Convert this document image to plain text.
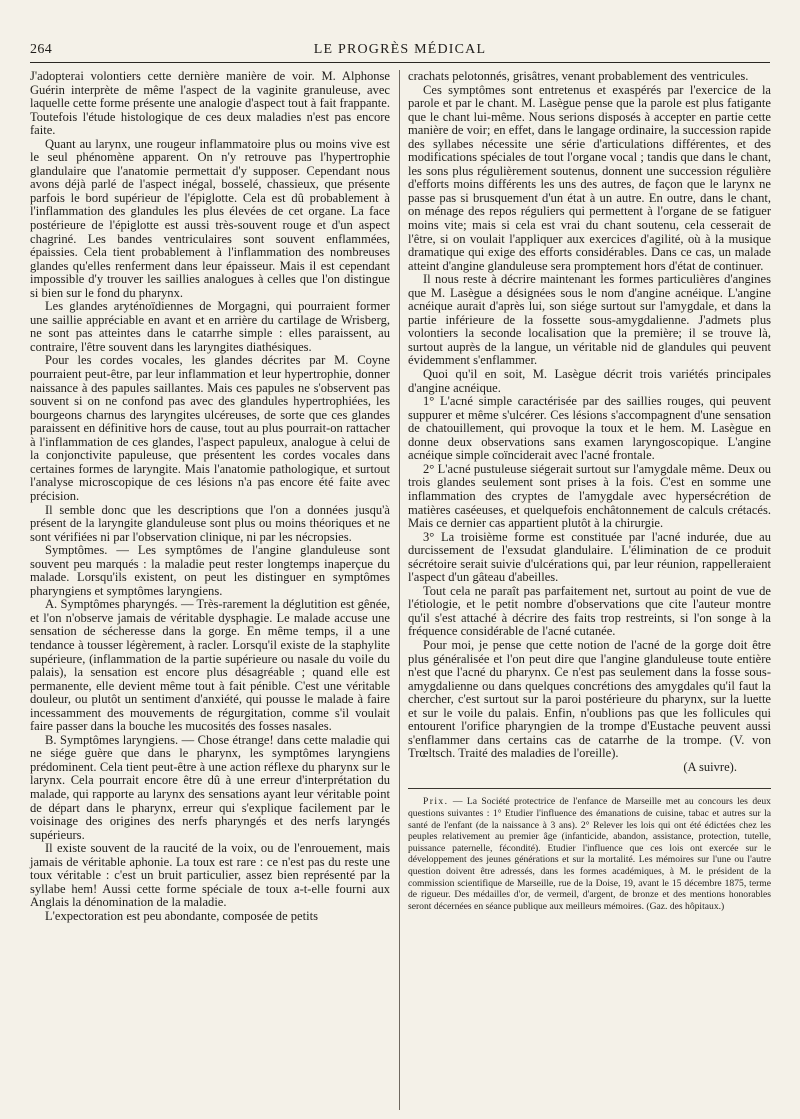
264	LE PROGRÈS MÉDICAL

J'adopterai volontiers cette dernière manière de voir. M. Alphonse Guérin interprète de même l'aspect de la vaginite granuleuse, avec laquelle cette forme présente une analogie d'aspect tout à fait frappante. Toutefois l'étude histologique de ces deux maladies n'est pas encore faite.

Quant au larynx, une rougeur inflammatoire plus ou moins vive est le seul phénomène apparent. On n'y retrouve pas l'hypertrophie glandulaire que l'anatomie permettait d'y supposer. Cependant nous avons déjà parlé de l'aspect inégal, bosselé, chassieux, que présente parfois le bord supérieur de l'épiglotte. Cela est dû probablement à l'inflammation des glandules les plus élevées de cet organe. La face postérieure de l'épiglotte est aussi très-souvent rouge et d'un aspect chagriné. Les bandes ventriculaires sont souvent enflammées, épaissies. Cela tient probablement à l'inflammation des nombreuses glandes qu'elles renferment dans leur épaisseur. Mais il est cependant impossible d'y trouver les saillies analogues à celles que l'on distingue si bien sur le fond du pharynx.

Les glandes aryténoïdiennes de Morgagni, qui pourraient former une saillie appréciable en avant et en arrière du cartilage de Wrisberg, ne sont pas atteintes dans le catarrhe simple : elles paraissent, au contraire, l'être souvent dans les laryngites diathésiques.

Pour les cordes vocales, les glandes décrites par M. Coyne pourraient peut-être, par leur inflammation et leur hypertrophie, donner naissance à des papules saillantes. Mais ces papules ne s'observent pas souvent si on ne confond pas avec des glandules hypertrophiées, les bourgeons charnus des laryngites ulcéreuses, de sorte que ces glandes paraissent en définitive hors de cause, tout au plus pourrait-on rattacher à l'inflammation de ces glandes, l'aspect papuleux, analogue à celui de la conjonctivite papuleuse, que présentent les cordes vocales dans certaines formes de laryngite. Mais l'anatomie pathologique, et surtout l'analyse microscopique de ces lésions n'a pas encore été faite avec précision.

Il semble donc que les descriptions que l'on a données jusqu'à présent de la laryngite glanduleuse sont plus ou moins théoriques et ne sont vérifiées ni par l'observation clinique, ni par les nécropsies.

Symptômes. — Les symptômes de l'angine glanduleuse sont souvent peu marqués : la maladie peut rester longtemps inaperçue du malade. Lorsqu'ils existent, on peut les distinguer en symptômes pharyngiens et symptômes laryngiens.

A. Symptômes pharyngés. — Très-rarement la déglutition est gênée, et l'on n'observe jamais de véritable dysphagie. Le malade accuse une sensation de sécheresse dans la gorge. En même temps, il a une tendance à tousser légèrement, à racler. Lorsqu'il existe de la staphylite supérieure, (inflammation de la partie supérieure ou nasale du voile du palais), la sensation est encore plus désagréable ; quand elle est permanente, elle devient même tout à fait pénible. C'est une véritable douleur, ou plutôt un sentiment d'anxiété, qui pousse le malade à faire incessamment des mouvements de régurgitation, comme s'il voulait faire passer dans la bouche les mucosités des fosses nasales.

B. Symptômes laryngiens. — Chose étrange! dans cette maladie qui ne siége guère que dans le pharynx, les symptômes laryngiens prédominent. Cela tient peut-être à une action réflexe du pharynx sur le larynx. Cela pourrait encore être dû à une erreur d'interprétation du malade, qui rapporte au larynx des sensations ayant leur véritable point de départ dans le pharynx, erreur qui s'explique facilement par le voisinage des origines des nerfs pharyngés et des nerfs laryngés supérieurs.

Il existe souvent de la raucité de la voix, ou de l'enrouement, mais jamais de véritable aphonie. La toux est rare : ce n'est pas du reste une toux véritable : c'est un bruit particulier, assez bien représenté par la syllabe hem! Aussi cette forme spéciale de toux a-t-elle fourni aux Anglais la dénomination de la maladie.

L'expectoration est peu abondante, composée de petits

crachats pelotonnés, grisâtres, venant probablement des ventricules.

Ces symptômes sont entretenus et exaspérés par l'exercice de la parole et par le chant. M. Lasègue pense que la parole est plus fatigante que le chant lui-même. Nous serions disposés à accepter en partie cette manière de voir; en effet, dans le langage ordinaire, la succession rapide des syllabes nécessite une série d'articulations différentes, et des modifications spéciales de tout l'organe vocal ; tandis que dans le chant, les sons plus régulièrement soutenus, donnent une succession régulière d'efforts moins différents les uns des autres, de façon que le larynx ne passe pas si brusquement d'un état à un autre. En outre, dans le chant, on ménage des repos réguliers qui permettent à l'organe de se fatiguer moins vite; mais si cela est vrai du chant soutenu, cela cesserait de l'être, si on voulait l'appliquer aux exercices d'agilité, où à la musique dramatique qui exige des efforts considérables. Dans ce cas, un malade atteint d'angine glanduleuse sera promptement hors d'état de continuer.

Il nous reste à décrire maintenant les formes particulières d'angines que M. Lasègue a désignées sous le nom d'angine acnéique. L'angine acnéique aurait d'après lui, son siége surtout sur l'amygdale, et dans la partie inférieure de la fossette sous-amygdalienne. J'admets plus volontiers la seconde localisation que la première; il se trouve là, surtout auprès de la langue, un véritable nid de glandules qui peuvent évidemment s'enflammer.

Quoi qu'il en soit, M. Lasègue décrit trois variétés principales d'angine acnéique.

1° L'acné simple caractérisée par des saillies rouges, qui peuvent suppurer et même s'ulcérer. Ces lésions s'accompagnent d'une sensation de chatouillement, qui provoque la toux et le hem. M. Lasègue en donne deux observations sans examen laryngoscopique. L'angine acnéique simple coïnciderait avec l'acné frontale.

2° L'acné pustuleuse siégerait surtout sur l'amygdale même. Deux ou trois glandes seulement sont prises à la fois. C'est en somme une inflammation des cryptes de l'amygdale avec hypersécrétion de matières caséeuses, et quelquefois enchâtonnement de calculs crétacés. Mais ce dernier cas appartient plutôt à la chirurgie.

3° La troisième forme est constituée par l'acné indurée, due au durcissement de l'exsudat glandulaire. L'élimination de ce produit sécrétoire serait suivie d'ulcérations qui, par leur réunion, rappelleraient l'aspect d'un gâteau d'abeilles.

Tout cela ne paraît pas parfaitement net, surtout au point de vue de l'étiologie, et le petit nombre d'observations que cite l'auteur montre qu'il s'est attaché à décrire des faits trop restreints, si l'on songe à la fréquence considérable de l'acné cutanée.

Pour moi, je pense que cette notion de l'acné de la gorge doit être plus généralisée et l'on peut dire que l'angine glanduleuse toute entière n'est que l'acné du pharynx. Ce n'est pas seulement dans la fosse sous-amygdalienne ou dans quelques concrétions des amygdales qu'il faut la chercher, c'est surtout sur la paroi postérieure du pharynx, sur la luette et sur le voile du palais. Enfin, n'oublions pas que les follicules qui entourent l'orifice pharyngien de la trompe d'Eustache peuvent aussi s'enflammer dans certains cas de catarrhe de la trompe. (V. von Trœltsch. Traité des maladies de l'oreille).

(A suivre).

Prix. — La Société protectrice de l'enfance de Marseille met au concours les deux questions suivantes : 1° Etudier l'influence des émanations de cuisine, tabac et autres sur la santé de l'enfant (de la naissance à 3 ans). 2° Relever les lois qui ont été édictées chez les peuples relativement au premier âge (infanticide, abandon, assistance, protection, tutelle, puissance paternelle, fécondité). Etudier l'influence que ces lois ont exercée sur le développement des jeunes générations et sur la mortalité. Les mémoires sur l'une ou l'autre question doivent être adressés, dans les formes académiques, à M. le président de la commission scientifique de Marseille, rue de la Doise, 19, avant le 15 décembre 1875, terme de rigueur. Des médailles d'or, de vermeil, d'argent, de bronze et des mentions honorables seront décernées en séance publique aux meilleurs mémoires. (Gaz. des hôpitaux.)
